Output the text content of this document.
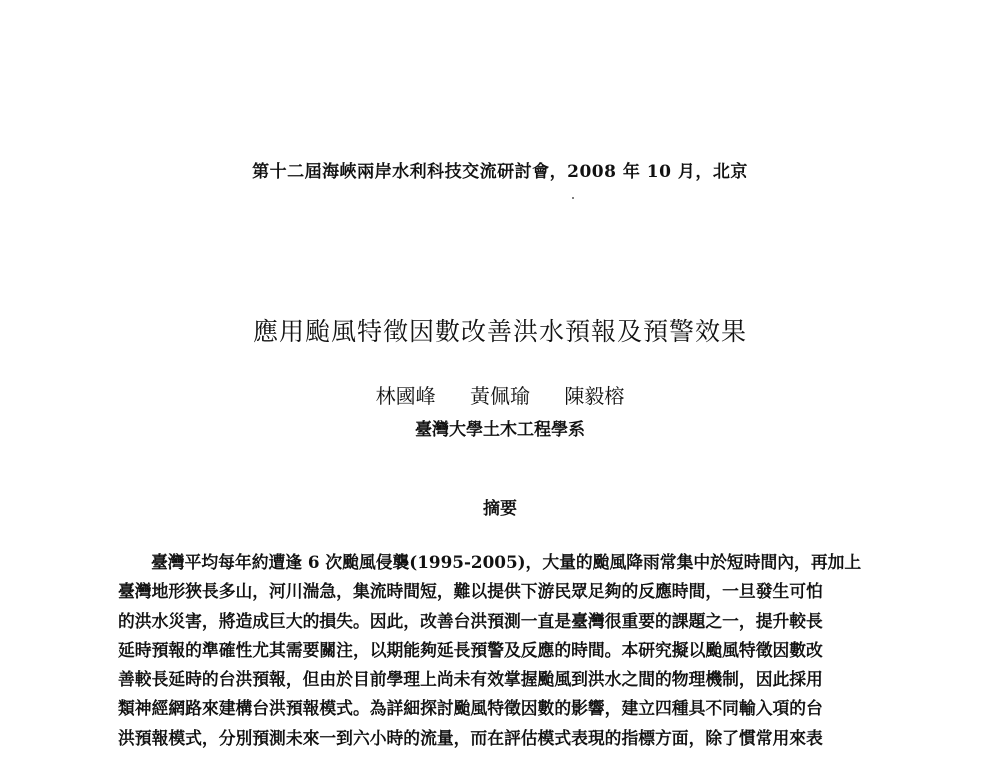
第十二屆海峽兩岸水利科技交流研討會，2008 年 10 月，北京
應用颱風特徵因數改善洪水預報及預警效果
林國峰 黃佩瑜 陳毅榕
臺灣大學土木工程學系
摘要

臺灣平均每年約遭逢 6 次颱風侵襲(1995-2005)，大量的颱風降雨常集中於短時間內，再加上
臺灣地形狹長多山，河川湍急，集流時間短，難以提供下游民眾足夠的反應時間，一旦發生可怕
的洪水災害，將造成巨大的損失。因此，改善台洪預測一直是臺灣很重要的課題之一，提升較長
延時預報的準確性尤其需要關注，以期能夠延長預警及反應的時間。本研究擬以颱風特徵因數改
善較長延時的台洪預報，但由於目前學理上尚未有效掌握颱風到洪水之間的物理機制，因此採用
類神經網路來建構台洪預報模式。為詳細探討颱風特徵因數的影響，建立四種具不同輸入項的台
洪預報模式，分別預測未來一到六小時的流量，而在評估模式表現的指標方面，除了慣常用來表
